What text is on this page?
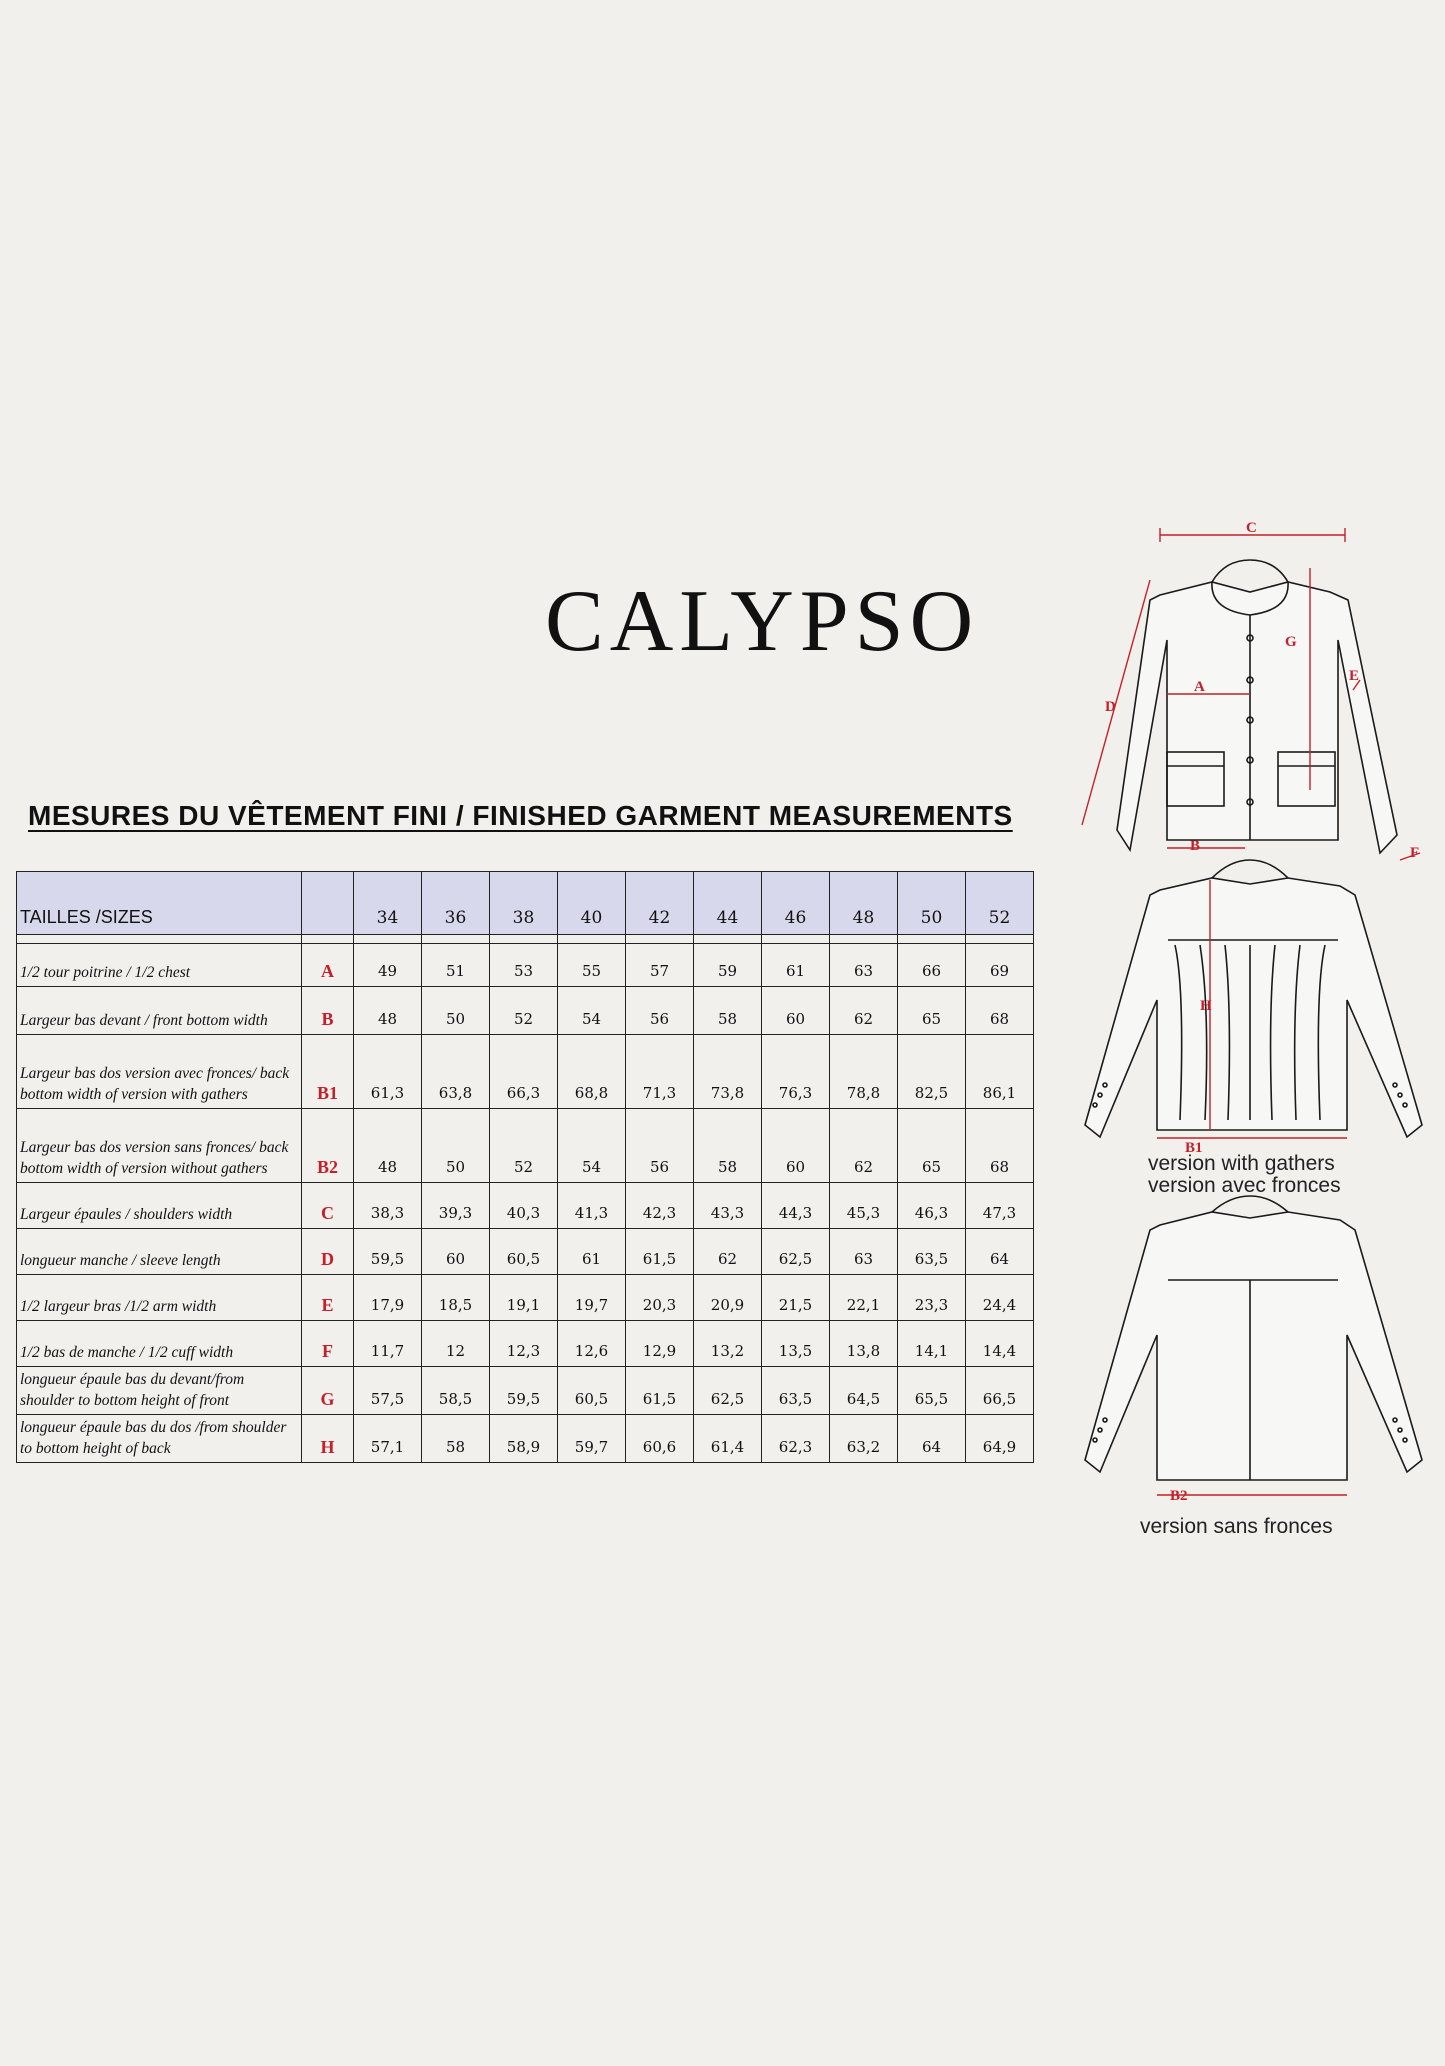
CALYPSO
MESURES DU VÊTEMENT FINI / FINISHED GARMENT MEASUREMENTS
TAILLES /SIZES		34	36	38	40	42	44	46	48	50	52

1/2 tour poitrine / 1/2 chest	A	49	51	53	55	57	59	61	63	66	69
Largeur bas devant / front bottom width	B	48	50	52	54	56	58	60	62	65	68
Largeur bas dos version avec fronces/ back bottom width of version with gathers	B1	61,3	63,8	66,3	68,8	71,3	73,8	76,3	78,8	82,5	86,1
Largeur bas dos version sans fronces/ back bottom width of version without gathers	B2	48	50	52	54	56	58	60	62	65	68
Largeur épaules / shoulders width	C	38,3	39,3	40,3	41,3	42,3	43,3	44,3	45,3	46,3	47,3
longueur manche / sleeve length	D	59,5	60	60,5	61	61,5	62	62,5	63	63,5	64
1/2 largeur bras /1/2 arm width	E	17,9	18,5	19,1	19,7	20,3	20,9	21,5	22,1	23,3	24,4
1/2 bas de manche / 1/2 cuff width	F	11,7	12	12,3	12,6	12,9	13,2	13,5	13,8	14,1	14,4
longueur épaule bas du devant/from shoulder to bottom height of front	G	57,5	58,5	59,5	60,5	61,5	62,5	63,5	64,5	65,5	66,5
longueur épaule bas du dos /from shoulder to bottom height of back	H	57,1	58	58,9	59,7	60,6	61,4	62,3	63,2	64	64,9
C
D
A
G
E
B	F
H
B1
B2
version with gathers
version avec fronces
version sans fronces
